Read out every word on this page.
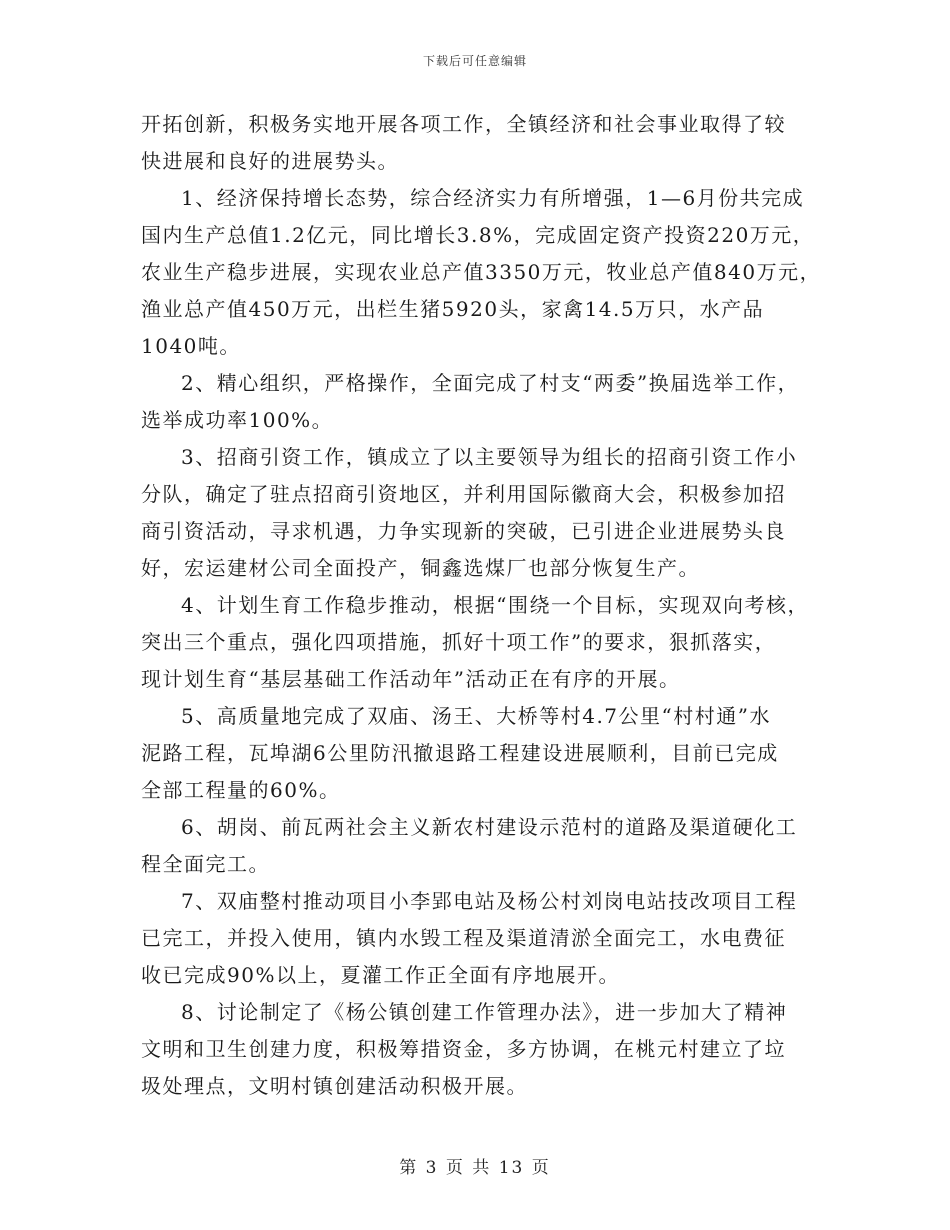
下载后可任意编辑
开拓创新，积极务实地开展各项工作，全镇经济和社会事业取得了较
快进展和良好的进展势头。
1、经济保持增长态势，综合经济实力有所增强，1—6月份共完成
国内生产总值1.2亿元，同比增长3.8%，完成固定资产投资220万元，
农业生产稳步进展，实现农业总产值3350万元，牧业总产值840万元，
渔业总产值450万元，出栏生猪5920头，家禽14.5万只，水产品
1040吨。
2、精心组织，严格操作，全面完成了村支“两委”换届选举工作，
选举成功率100%。
3、招商引资工作，镇成立了以主要领导为组长的招商引资工作小
分队，确定了驻点招商引资地区，并利用国际徽商大会，积极参加招
商引资活动，寻求机遇，力争实现新的突破，已引进企业进展势头良
好，宏运建材公司全面投产，铜鑫选煤厂也部分恢复生产。
4、计划生育工作稳步推动，根据“围绕一个目标，实现双向考核，
突出三个重点，强化四项措施，抓好十项工作”的要求，狠抓落实，
现计划生育“基层基础工作活动年”活动正在有序的开展。
5、高质量地完成了双庙、汤王、大桥等村4.7公里“村村通”水
泥路工程，瓦埠湖6公里防汛撤退路工程建设进展顺利，目前已完成
全部工程量的60%。
6、胡岗、前瓦两社会主义新农村建设示范村的道路及渠道硬化工
程全面完工。
7、双庙整村推动项目小李郢电站及杨公村刘岗电站技改项目工程
已完工，并投入使用，镇内水毁工程及渠道清淤全面完工，水电费征
收已完成90%以上，夏灌工作正全面有序地展开。
8、讨论制定了《杨公镇创建工作管理办法》，进一步加大了精神
文明和卫生创建力度，积极筹措资金，多方协调，在桃元村建立了垃
圾处理点，文明村镇创建活动积极开展。
第 3 页 共 13 页
